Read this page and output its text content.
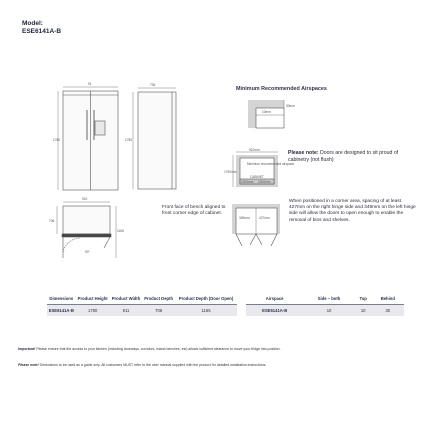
Model:
ESE6141A-B
91
1780
706
1780
910
706
1165
90°
30mm
10mm
910mm
1790mm
Minimum recommended airspace
CABINET
1000mm 1000mm
349mm	427mm
Minimum Recommended Airspaces
Please note: Doors are designed to sit proud of cabinetry (not flush)
Front face of bench aligned to front corner edge of cabinet.
When positioned in a corner area, spacing of at least 427mm on the right hinge side and 349mm on the left hinge side will allow the doors to open enough to enable the removal of bins and shelves.
Dimensions	Product Height	Product Width	Product Depth	Product Depth (Door Open)
ESE6141A-B	1780	911	706	1165
Airspace	Side – both	Top	Behind
ESE6141A-B	10	10	30
Important! Please ensure that the access to your kitchen (including doorways, corridors, island benches, etc) allows sufficient clearance to move your fridge into position.
Please note! Dimensions to be used as a guide only. All customers MUST refer to the user manual supplied with the product for detailed installation instructions.
